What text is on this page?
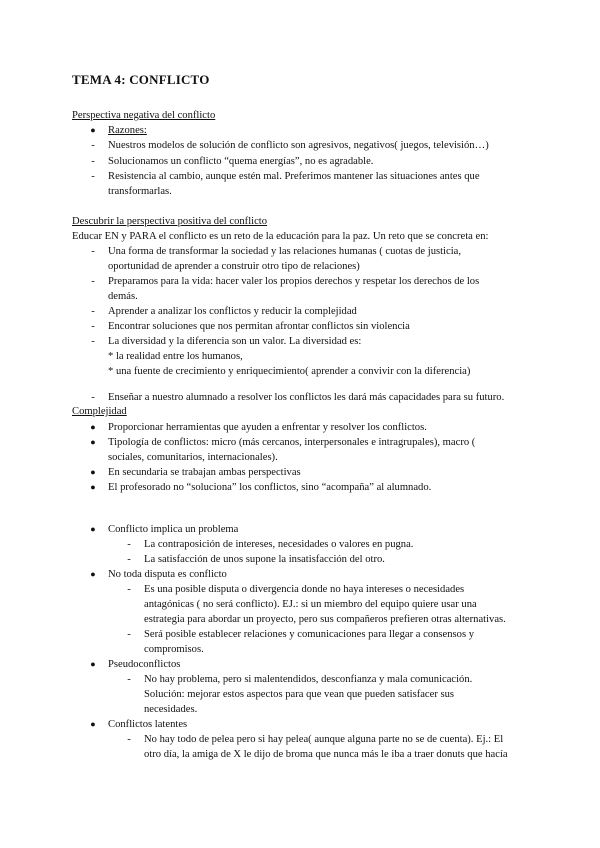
TEMA 4: CONFLICTO
Perspectiva negativa del conflicto
●	Razones:
-	Nuestros modelos de solución de conflicto son agresivos, negativos( juegos, televisión…)
-	Solucionamos un conflicto “quema energías”, no es agradable.
-	Resistencia al cambio, aunque estén mal. Preferimos mantener las situaciones antes que
transformarlas.
Descubrir la perspectiva positiva del conflicto
Educar EN y PARA el conflicto es un reto de la educación para la paz. Un reto que se concreta en:
-	Una forma de transformar la sociedad y las relaciones humanas ( cuotas de justicia,
oportunidad de aprender a construir otro tipo de relaciones)
-	Preparamos para la vida: hacer valer los propios derechos y respetar los derechos de los
demás.
-	Aprender a analizar los conflictos y reducir la complejidad
-	Encontrar soluciones que nos permitan afrontar conflictos sin violencia
-	La diversidad y la diferencia son un valor. La diversidad es:
* la realidad entre los humanos,
* una fuente de crecimiento y enriquecimiento( aprender a convivir con la diferencia)
-	Enseñar a nuestro alumnado a resolver los conflictos les dará más capacidades para su futuro.
Complejidad
●	Proporcionar herramientas que ayuden a enfrentar y resolver los conflictos.
●	Tipología de conflictos: micro (más cercanos, interpersonales e intragrupales), macro (
sociales, comunitarios, internacionales).
●	En secundaria se trabajan ambas perspectivas
●	El profesorado no “soluciona” los conflictos, sino “acompaña” al alumnado.
●	Conflicto implica un problema
-	La contraposición de intereses, necesidades o valores en pugna.
-	La satisfacción de unos supone la insatisfacción del otro.
●	No toda disputa es conflicto
-	Es una posible disputa o divergencia donde no haya intereses o necesidades
antagónicas ( no será conflicto). EJ.: si un miembro del equipo quiere usar una
estrategia para abordar un proyecto, pero sus compañeros prefieren otras alternativas.
-	Será posible establecer relaciones y comunicaciones para llegar a consensos y
compromisos.
●	Pseudoconflictos
-	No hay problema, pero si malentendidos, desconfianza y mala comunicación.
Solución: mejorar estos aspectos para que vean que pueden satisfacer sus
necesidades.
●	Conflictos latentes
-	No hay todo de pelea pero si hay pelea( aunque alguna parte no se de cuenta). Ej.: El
otro día, la amiga de X le dijo de broma que nunca más le iba a traer donuts que hacía
